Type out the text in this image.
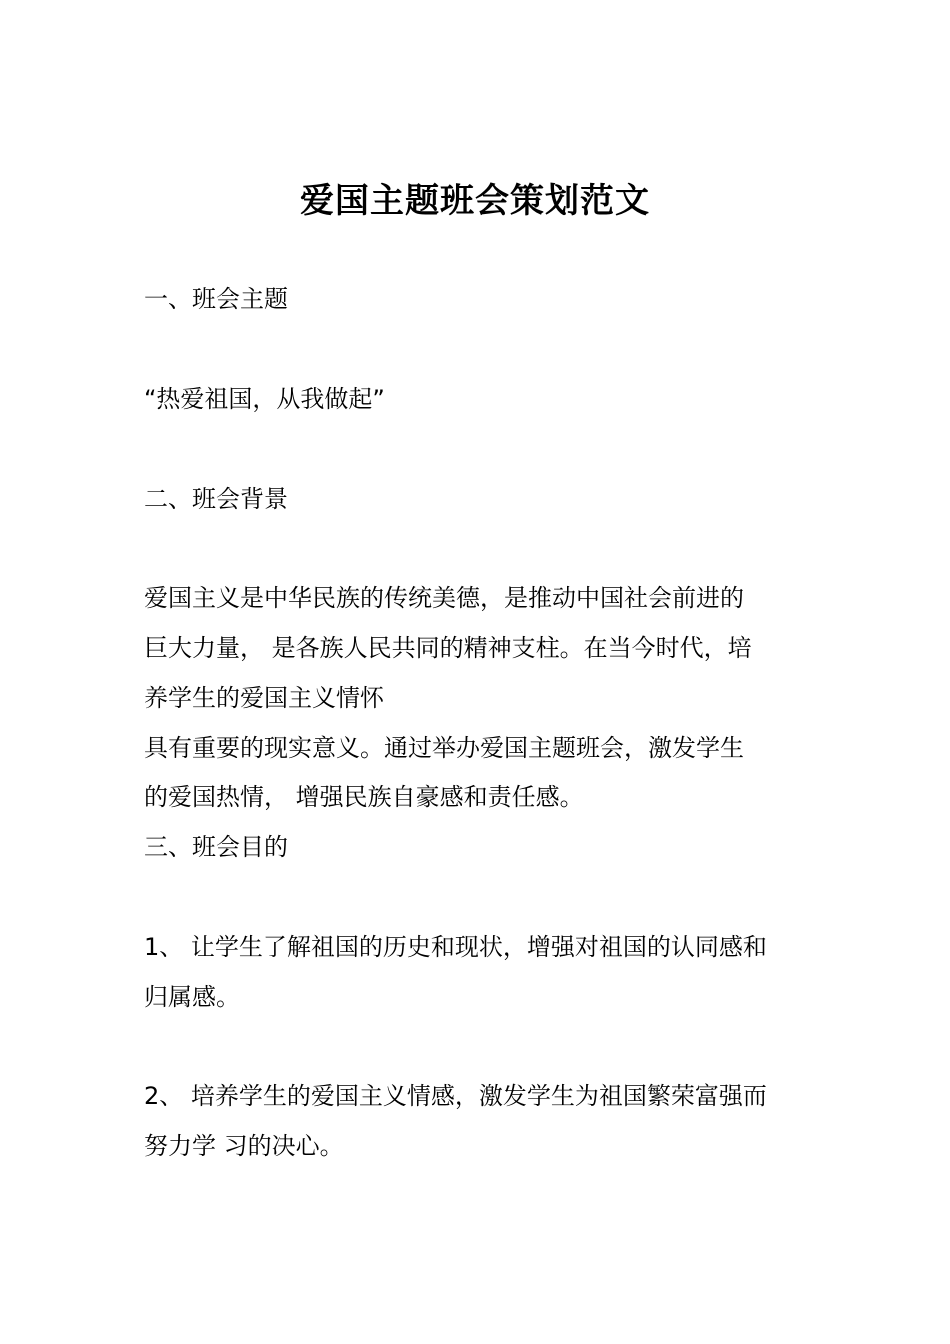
爱国主题班会策划范文
一、班会主题
“热爱祖国，从我做起”
二、班会背景
爱国主义是中华民族的传统美德，是推动中国社会前进的
巨大力量， 是各族人民共同的精神支柱。在当今时代，培
养学生的爱国主义情怀
具有重要的现实意义。通过举办爱国主题班会，激发学生
的爱国热情， 增强民族自豪感和责任感。
三、班会目的
1、 让学生了解祖国的历史和现状，增强对祖国的认同感和
归属感。
2、 培养学生的爱国主义情感，激发学生为祖国繁荣富强而
努力学 习的决心。
